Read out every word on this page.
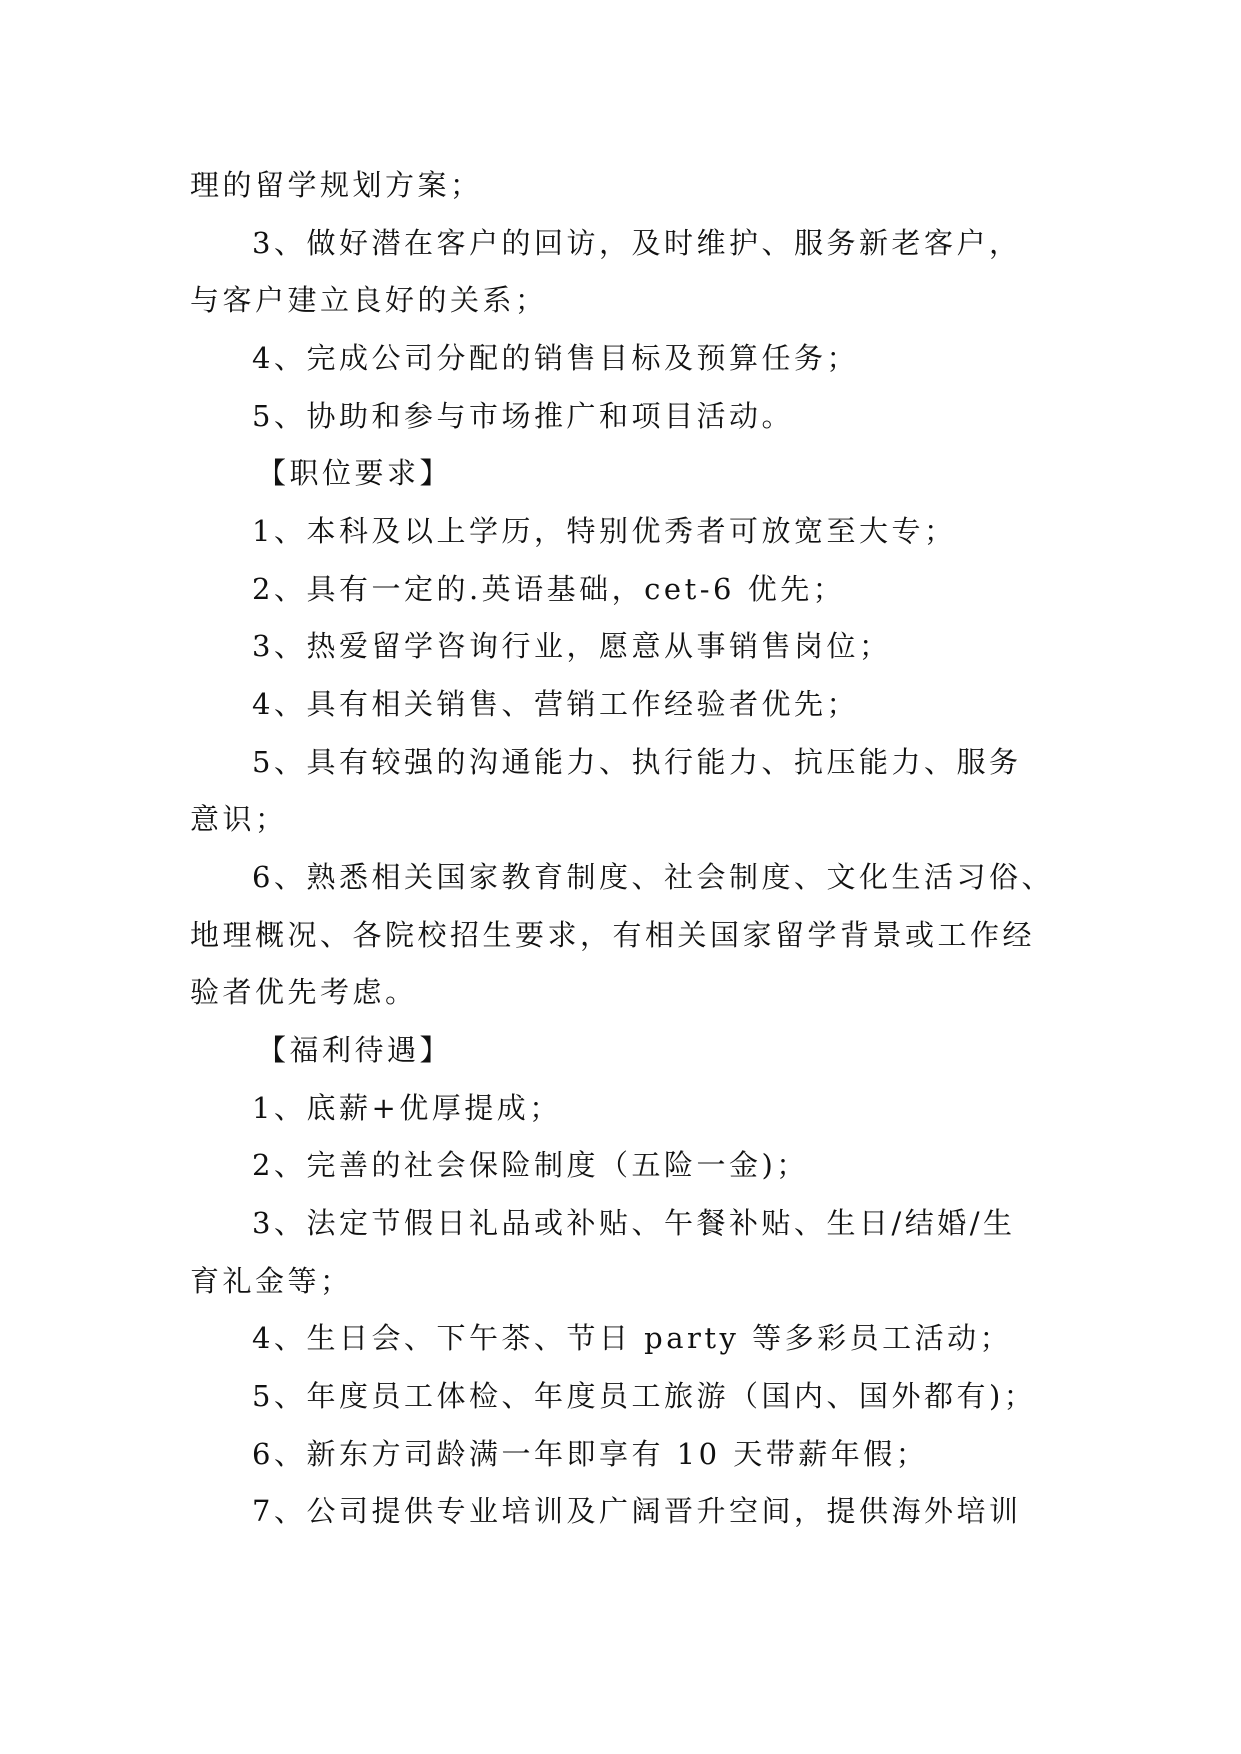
理的留学规划方案；
3、做好潜在客户的回访，及时维护、服务新老客户，
与客户建立良好的关系；
4、完成公司分配的销售目标及预算任务；
5、协助和参与市场推广和项目活动。
【职位要求】
1、本科及以上学历，特别优秀者可放宽至大专；
2、具有一定的.英语基础，cet-6 优先；
3、热爱留学咨询行业，愿意从事销售岗位；
4、具有相关销售、营销工作经验者优先；
5、具有较强的沟通能力、执行能力、抗压能力、服务
意识；
6、熟悉相关国家教育制度、社会制度、文化生活习俗、
地理概况、各院校招生要求，有相关国家留学背景或工作经
验者优先考虑。
【福利待遇】
1、底薪+优厚提成；
2、完善的社会保险制度（五险一金)；
3、法定节假日礼品或补贴、午餐补贴、生日/结婚/生
育礼金等；
4、生日会、下午茶、节日 party 等多彩员工活动；
5、年度员工体检、年度员工旅游（国内、国外都有)；
6、新东方司龄满一年即享有 10 天带薪年假；
7、公司提供专业培训及广阔晋升空间，提供海外培训
